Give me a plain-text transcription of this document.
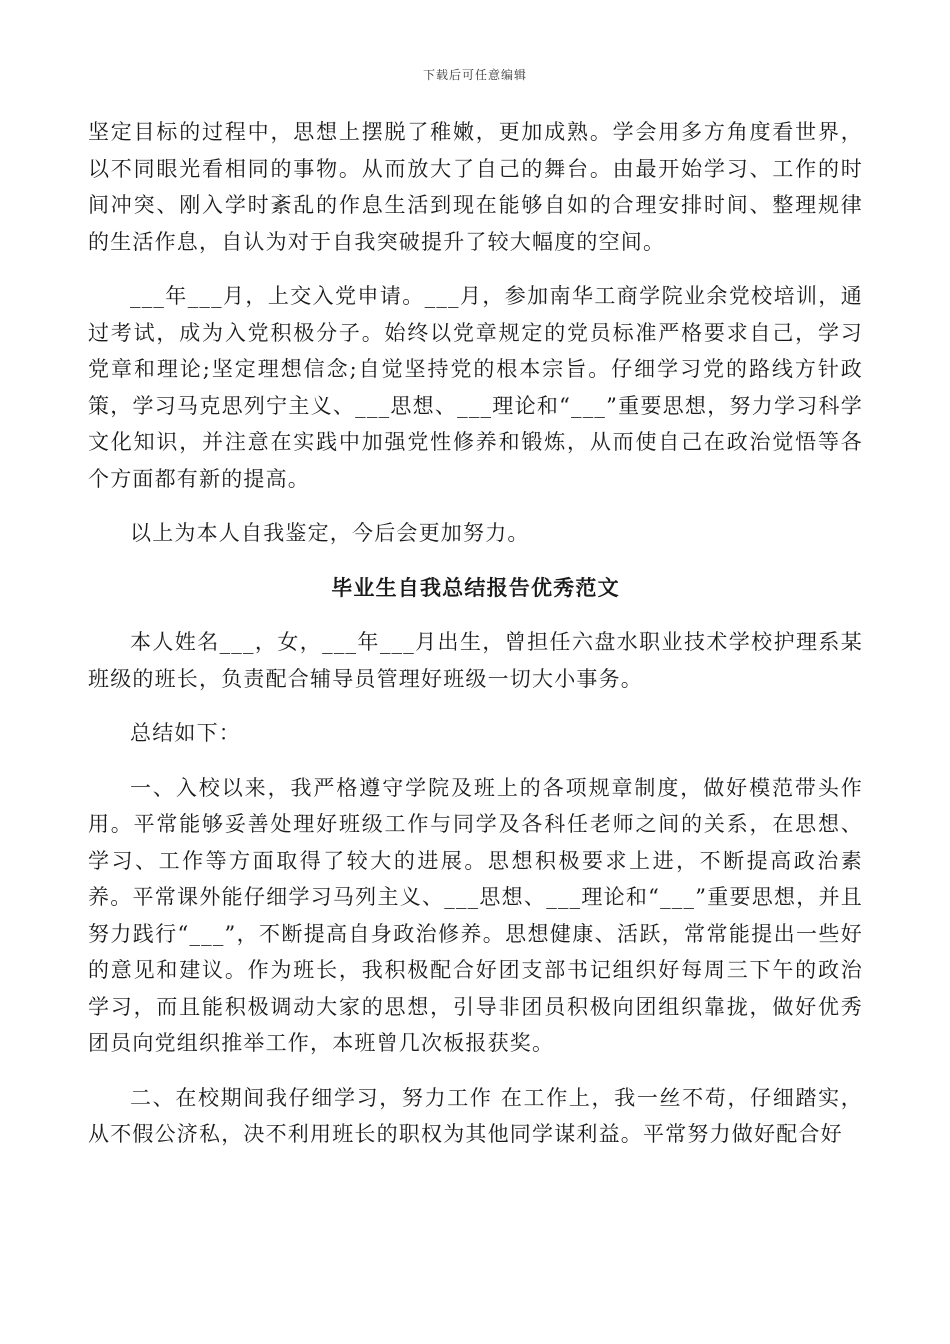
下载后可任意编辑

坚定目标的过程中，思想上摆脱了稚嫩，更加成熟。学会用多方角度看世界，以不同眼光看相同的事物。从而放大了自己的舞台。由最开始学习、工作的时间冲突、刚入学时紊乱的作息生活到现在能够自如的合理安排时间、整理规律的生活作息，自认为对于自我突破提升了较大幅度的空间。

___年___月，上交入党申请。___月，参加南华工商学院业余党校培训，通过考试，成为入党积极分子。始终以党章规定的党员标准严格要求自己，学习党章和理论;坚定理想信念;自觉坚持党的根本宗旨。仔细学习党的路线方针政策，学习马克思列宁主义、___思想、___理论和“___”重要思想，努力学习科学文化知识，并注意在实践中加强党性修养和锻炼，从而使自己在政治觉悟等各个方面都有新的提高。

以上为本人自我鉴定，今后会更加努力。

毕业生自我总结报告优秀范文

本人姓名___，女，___年___月出生，曾担任六盘水职业技术学校护理系某班级的班长，负责配合辅导员管理好班级一切大小事务。

总结如下：

一、入校以来，我严格遵守学院及班上的各项规章制度，做好模范带头作用。平常能够妥善处理好班级工作与同学及各科任老师之间的关系，在思想、学习、工作等方面取得了较大的进展。思想积极要求上进，不断提高政治素养。平常课外能仔细学习马列主义、___思想、___理论和“___”重要思想，并且努力践行“___”，不断提高自身政治修养。思想健康、活跃，常常能提出一些好的意见和建议。作为班长，我积极配合好团支部书记组织好每周三下午的政治学习，而且能积极调动大家的思想，引导非团员积极向团组织靠拢，做好优秀团员向党组织推举工作，本班曾几次板报获奖。

二、在校期间我仔细学习，努力工作 在工作上，我一丝不苟，仔细踏实，从不假公济私，决不利用班长的职权为其他同学谋利益。平常努力做好配合好
